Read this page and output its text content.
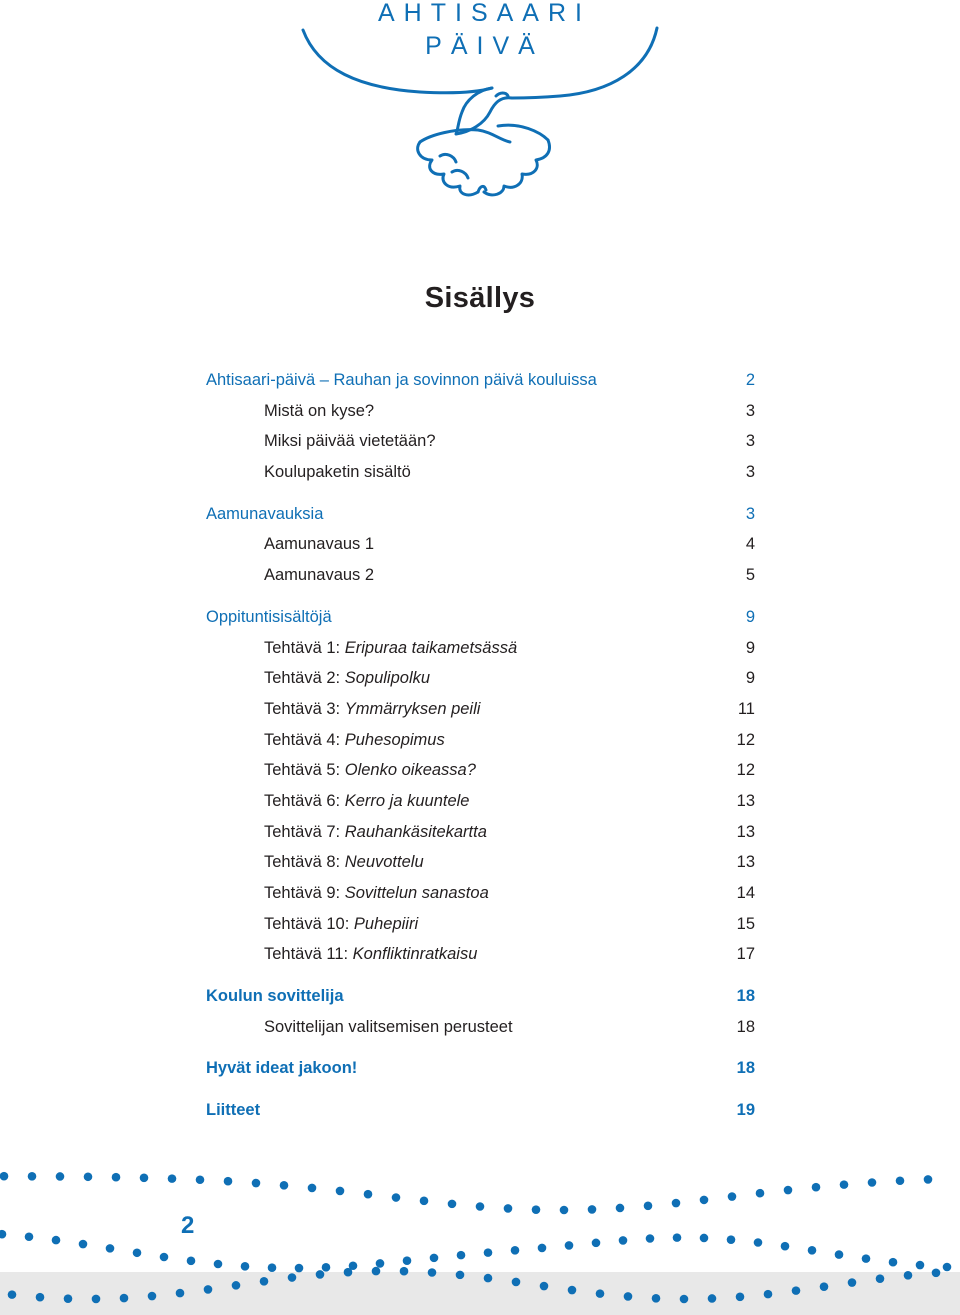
AHTISAARI
PÄIVÄ
Sisällys
Ahtisaari-päivä – Rauhan ja sovinnon päivä kouluissa	2
Mistä on kyse?	3
Miksi päivää vietetään?	3
Koulupaketin sisältö	3
Aamunavauksia	3
Aamunavaus 1	4
Aamunavaus 2	5
Oppituntisisältöjä	9
Tehtävä 1: Eripuraa taikametsässä	9
Tehtävä 2: Sopulipolku	9
Tehtävä 3: Ymmärryksen peili	11
Tehtävä 4: Puhesopimus	12
Tehtävä 5: Olenko oikeassa?	12
Tehtävä 6: Kerro ja kuuntele	13
Tehtävä 7: Rauhankäsitekartta	13
Tehtävä 8: Neuvottelu	13
Tehtävä 9: Sovittelun sanastoa	14
Tehtävä 10: Puhepiiri	15
Tehtävä 11: Konfliktinratkaisu	17
Koulun sovittelija	18
Sovittelijan valitsemisen perusteet	18
Hyvät ideat jakoon!	18
Liitteet	19
2
